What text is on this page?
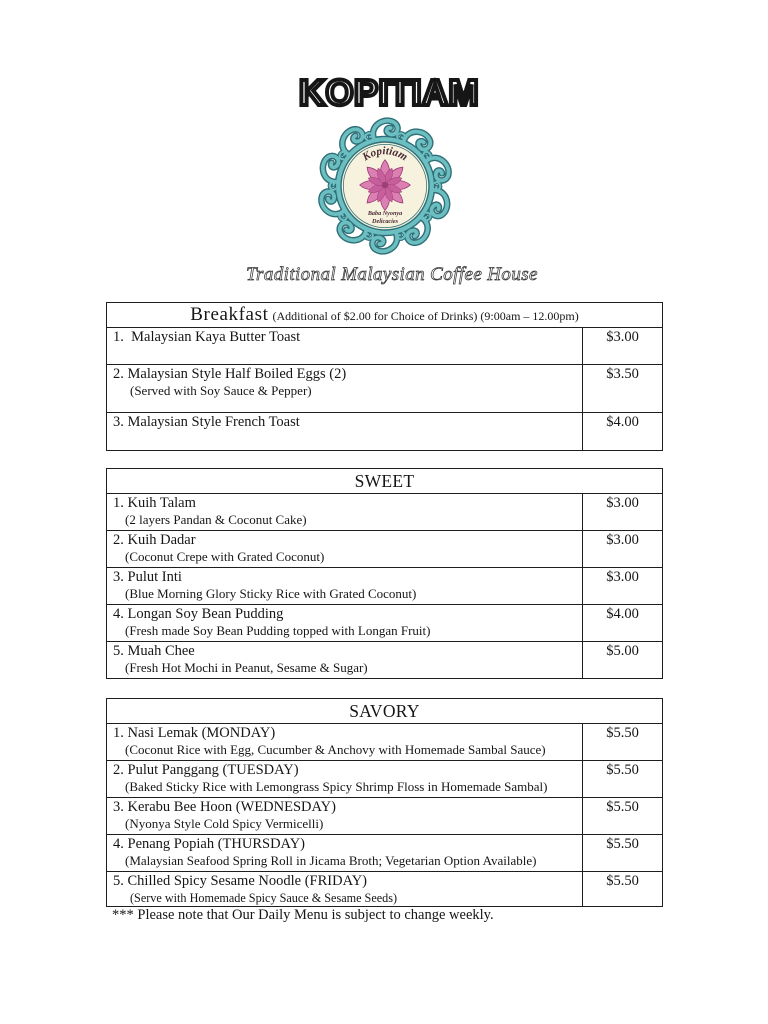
KOPITIAM
Kopitiam
Baba Nyonya
Delicacies
Traditional Malaysian Coffee House
Breakfast (Additional of $2.00 for Choice of Drinks) (9:00am – 12.00pm)
1.  Malaysian Kaya Butter Toast	$3.00
2. Malaysian Style Half Boiled Eggs (2)
(Served with Soy Sauce & Pepper)
$3.50
3. Malaysian Style French Toast	$4.00
SWEET
1. Kuih Talam
(2 layers Pandan & Coconut Cake)
$3.00
2. Kuih Dadar
(Coconut Crepe with Grated Coconut)
$3.00
3. Pulut Inti
(Blue Morning Glory Sticky Rice with Grated Coconut)
$3.00
4. Longan Soy Bean Pudding
(Fresh made Soy Bean Pudding topped with Longan Fruit)
$4.00
5. Muah Chee
(Fresh Hot Mochi in Peanut, Sesame & Sugar)
$5.00
SAVORY
1. Nasi Lemak (MONDAY)
(Coconut Rice with Egg, Cucumber & Anchovy with Homemade Sambal Sauce)
$5.50
2. Pulut Panggang (TUESDAY)
(Baked Sticky Rice with Lemongrass Spicy Shrimp Floss in Homemade Sambal)
$5.50
3. Kerabu Bee Hoon (WEDNESDAY)
(Nyonya Style Cold Spicy Vermicelli)
$5.50
4. Penang Popiah (THURSDAY)
(Malaysian Seafood Spring Roll in Jicama Broth; Vegetarian Option Available)
$5.50
5. Chilled Spicy Sesame Noodle (FRIDAY)
(Serve with Homemade Spicy Sauce & Sesame Seeds)
$5.50
*** Please note that Our Daily Menu is subject to change weekly.
